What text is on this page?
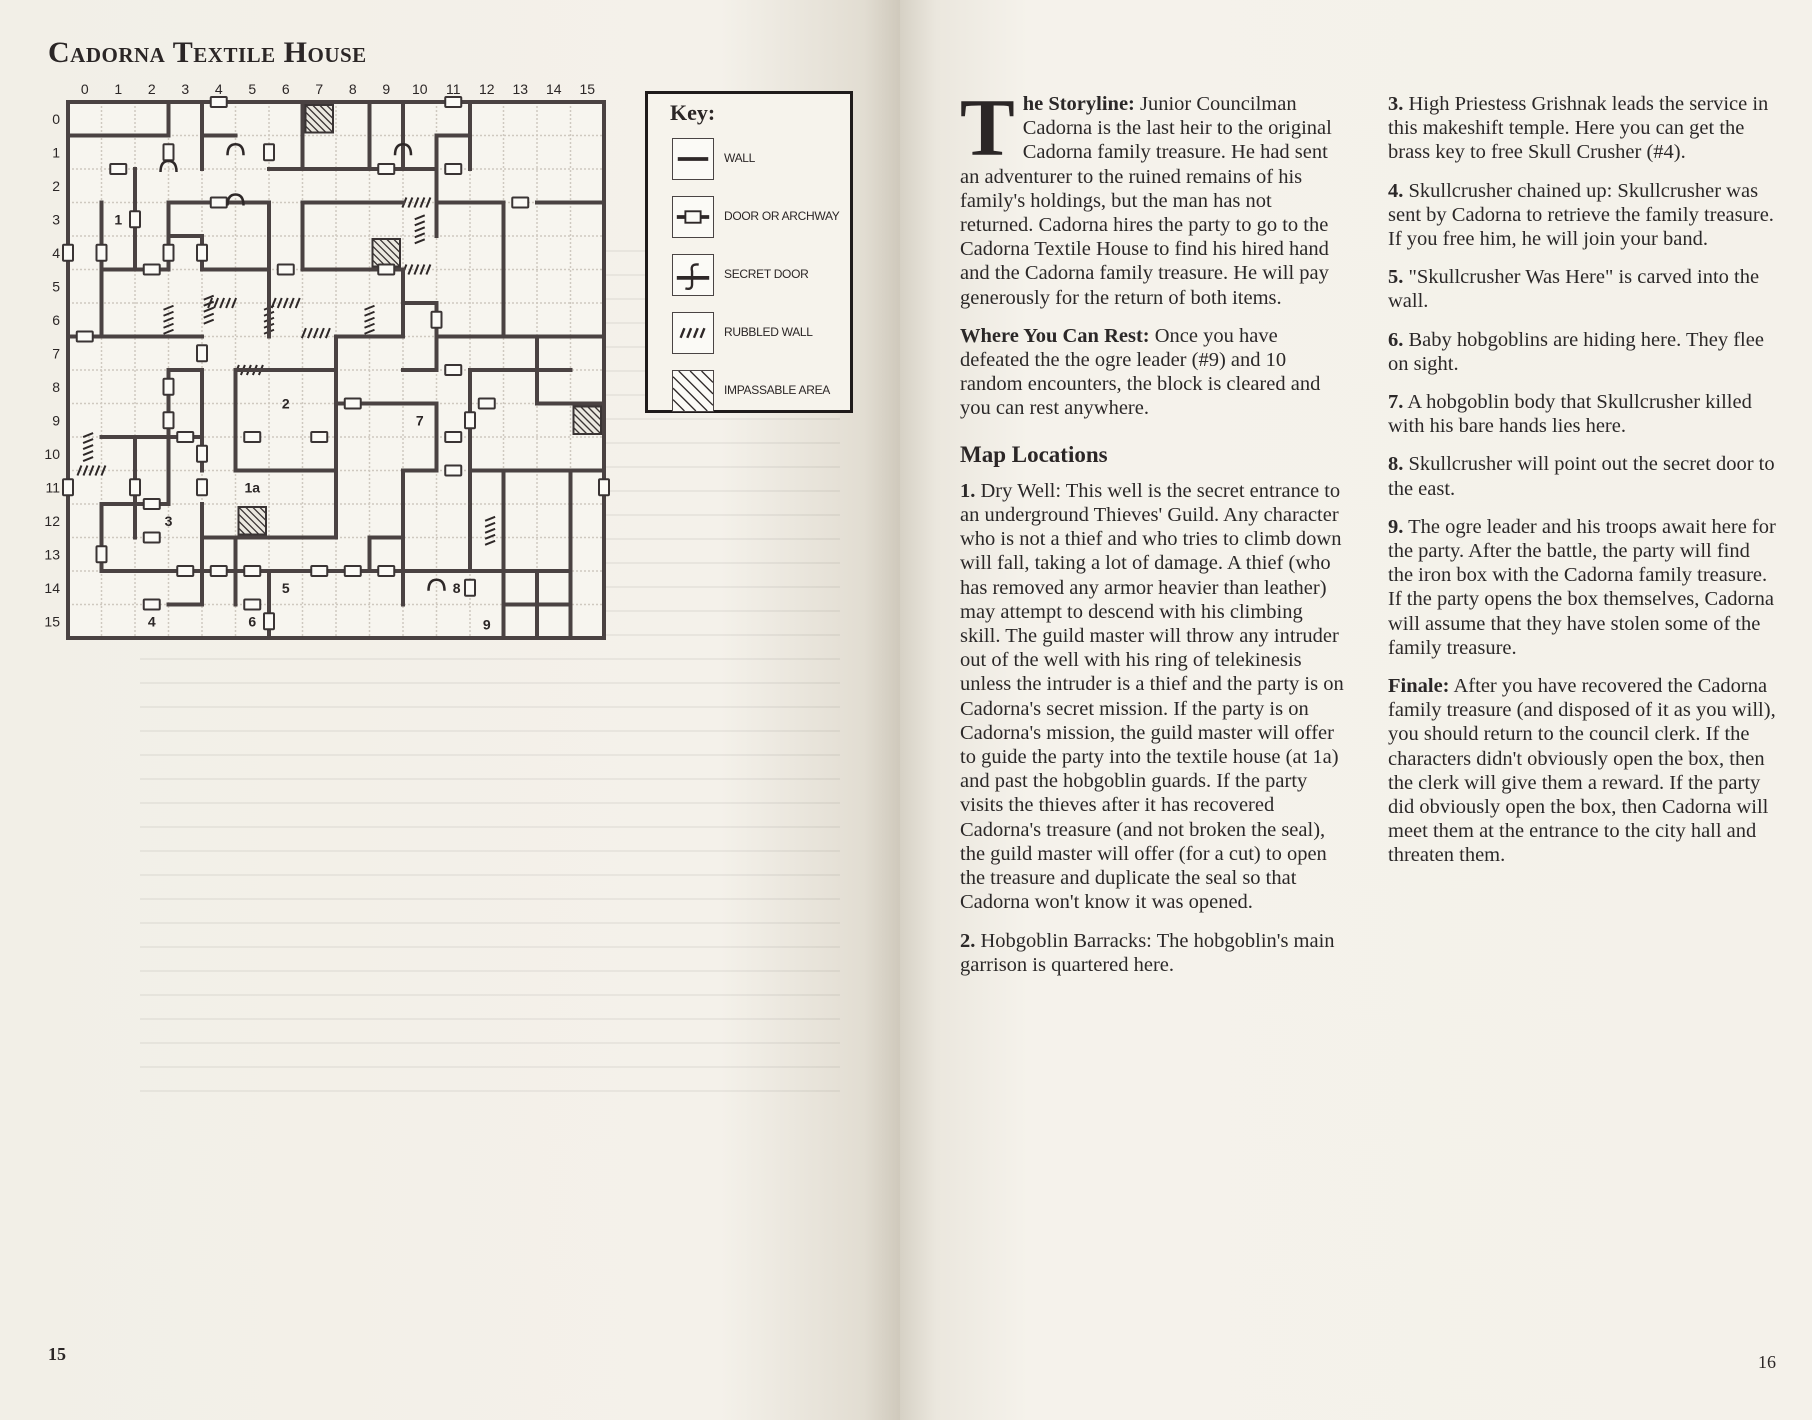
Cadorna Textile House
0 1 2 3 4 5 6 7 8 9 10 11 12 13 14 15
0
1
2
3
4
5
6
7
8
9
10
11
12
13
14
15
1
1a
2
3
4
5
6
7
8
9
Key:
WALL
DOOR OR ARCHWAY
SECRET DOOR
RUBBLED WALL
IMPASSABLE AREA
15	16

The Storyline: Junior Councilman Cadorna is the last heir to the original Cadorna family treasure. He had sent an adventurer to the ruined remains of his family's holdings, but the man has not returned. Cadorna hires the party to go to the Cadorna Textile House to find his hired hand and the Cadorna family treasure. He will pay generously for the return of both items.

Where You Can Rest: Once you have defeated the the ogre leader (#9) and 10 random encounters, the block is cleared and you can rest anywhere.

Map Locations

1. Dry Well: This well is the secret entrance to an underground Thieves' Guild. Any character who is not a thief and who tries to climb down will fall, taking a lot of damage. A thief (who has removed any armor heavier than leather) may attempt to descend with his climbing skill. The guild master will throw any intruder out of the well with his ring of telekinesis unless the intruder is a thief and the party is on Cadorna's secret mission. If the party is on Cadorna's mission, the guild master will offer to guide the party into the textile house (at 1a) and past the hobgoblin guards. If the party visits the thieves after it has recovered Cadorna's treasure (and not broken the seal), the guild master will offer (for a cut) to open the treasure and duplicate the seal so that Cadorna won't know it was opened.

2. Hobgoblin Barracks: The hobgoblin's main garrison is quartered here.

3. High Priestess Grishnak leads the service in this makeshift temple. Here you can get the brass key to free Skull Crusher (#4).

4. Skullcrusher chained up: Skullcrusher was sent by Cadorna to retrieve the family treasure. If you free him, he will join your band.

5. "Skullcrusher Was Here" is carved into the wall.

6. Baby hobgoblins are hiding here. They flee on sight.

7. A hobgoblin body that Skullcrusher killed with his bare hands lies here.

8. Skullcrusher will point out the secret door to the east.

9. The ogre leader and his troops await here for the party. After the battle, the party will find the iron box with the Cadorna family treasure. If the party opens the box themselves, Cadorna will assume that they have stolen some of the family treasure.

Finale: After you have recovered the Cadorna family treasure (and disposed of it as you will), you should return to the council clerk. If the characters didn't obviously open the box, then the clerk will give them a reward. If the party did obviously open the box, then Cadorna will meet them at the entrance to the city hall and threaten them.
